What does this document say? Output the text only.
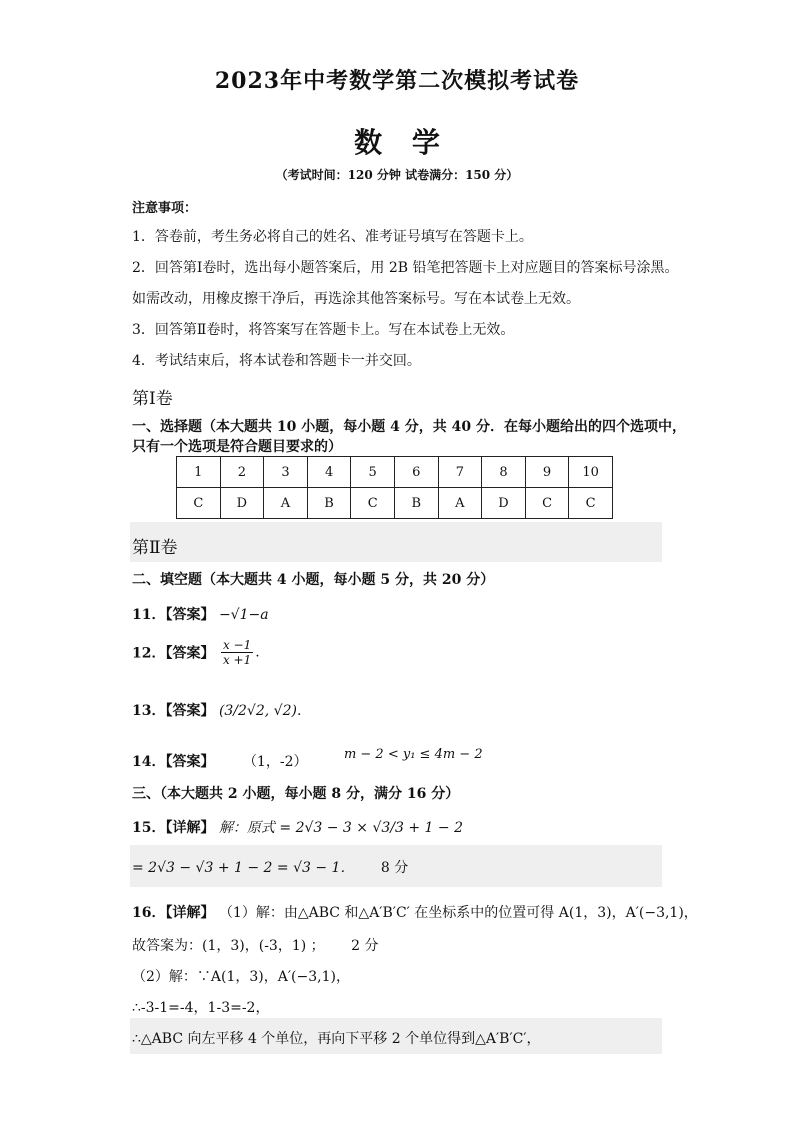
2023年中考数学第二次模拟考试卷
数 学
（考试时间：120 分钟 试卷满分：150 分）
注意事项：
1．答卷前，考生务必将自己的姓名、准考证号填写在答题卡上。
2．回答第Ⅰ卷时，选出每小题答案后，用 2B 铅笔把答题卡上对应题目的答案标号涂黑。
如需改动，用橡皮擦干净后，再选涂其他答案标号。写在本试卷上无效。
3．回答第Ⅱ卷时，将答案写在答题卡上。写在本试卷上无效。
4．考试结束后，将本试卷和答题卡一并交回。
第Ⅰ卷
一、选择题（本大题共 10 小题，每小题 4 分，共 40 分．在每小题给出的四个选项中，
只有一个选项是符合题目要求的）
1	2	3	4	5	6	7	8	9	10
C	D	A	B	C	B	A	D	C	C
第Ⅱ卷
二、填空题（本大题共 4 小题，每小题 5 分，共 20 分）
11．【答案】 −√1−a
12．【答案】 $\frac{x -1}{x +1}$ .
13．【答案】 (3/2√2, √2).
14．【答案】 （1，-2）	m − 2 < y₁ ≤ 4m − 2
三、（本大题共 2 小题，每小题 8 分，满分 16 分）
15．【详解】 解：原式 = 2√3 − 3 × √3/3 + 1 − 2
= 2√3 − √3 + 1 − 2 = √3 − 1． 8 分
16．【详解】 （1）解：由△ABC 和△A′B′C′ 在坐标系中的位置可得 A(1，3)，A′(−3,1)，
故答案为：(1，3)，(-3，1) ； 2 分
（2）解：∵A(1，3)，A′(−3,1)，
∴-3-1=-4，1-3=-2，
∴△ABC 向左平移 4 个单位，再向下平移 2 个单位得到△A′B′C′，
